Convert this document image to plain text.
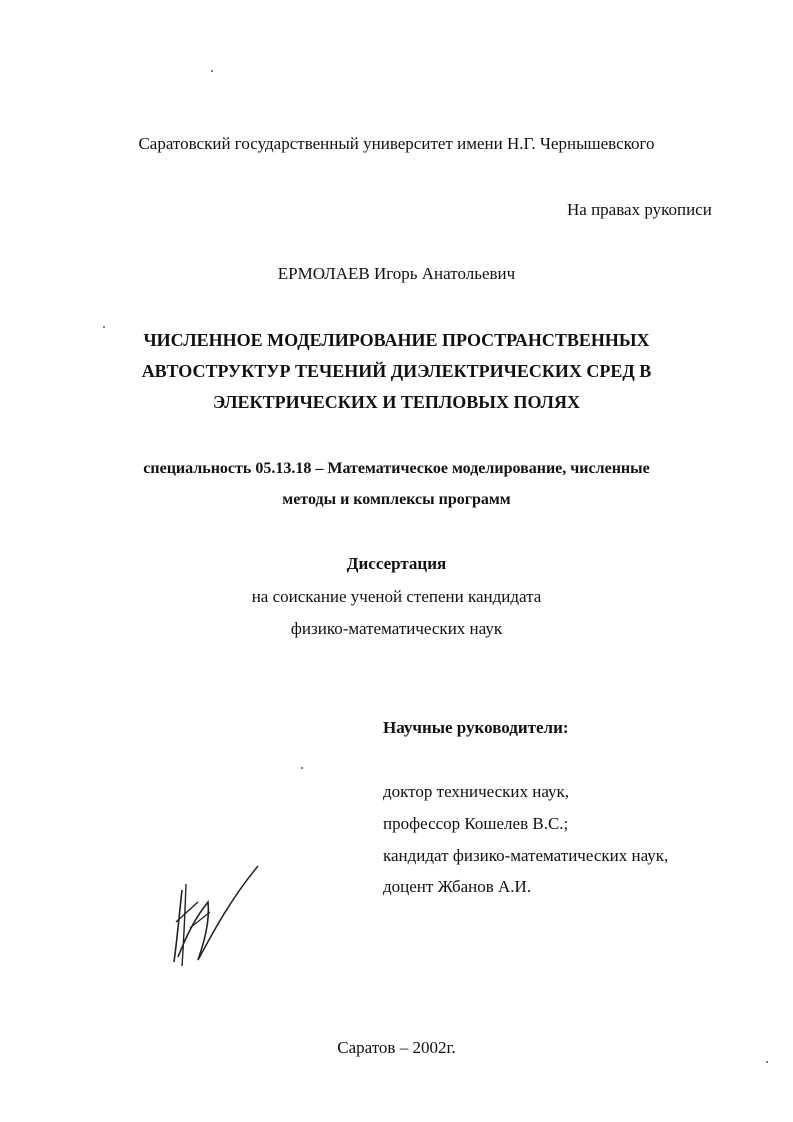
Саратовский государственный университет имени Н.Г. Чернышевского
На правах рукописи
ЕРМОЛАЕВ Игорь Анатольевич
ЧИСЛЕННОЕ МОДЕЛИРОВАНИЕ ПРОСТРАНСТВЕННЫХ
АВТОСТРУКТУР ТЕЧЕНИЙ ДИЭЛЕКТРИЧЕСКИХ СРЕД В
ЭЛЕКТРИЧЕСКИХ И ТЕПЛОВЫХ ПОЛЯХ
специальность 05.13.18 – Математическое моделирование, численные
методы и комплексы программ
Диссертация
на соискание ученой степени кандидата
физико-математических наук
Научные руководители:
доктор технических наук,
профессор Кошелев В.С.;
кандидат физико-математических наук,
доцент Жбанов А.И.
Саратов – 2002г.
